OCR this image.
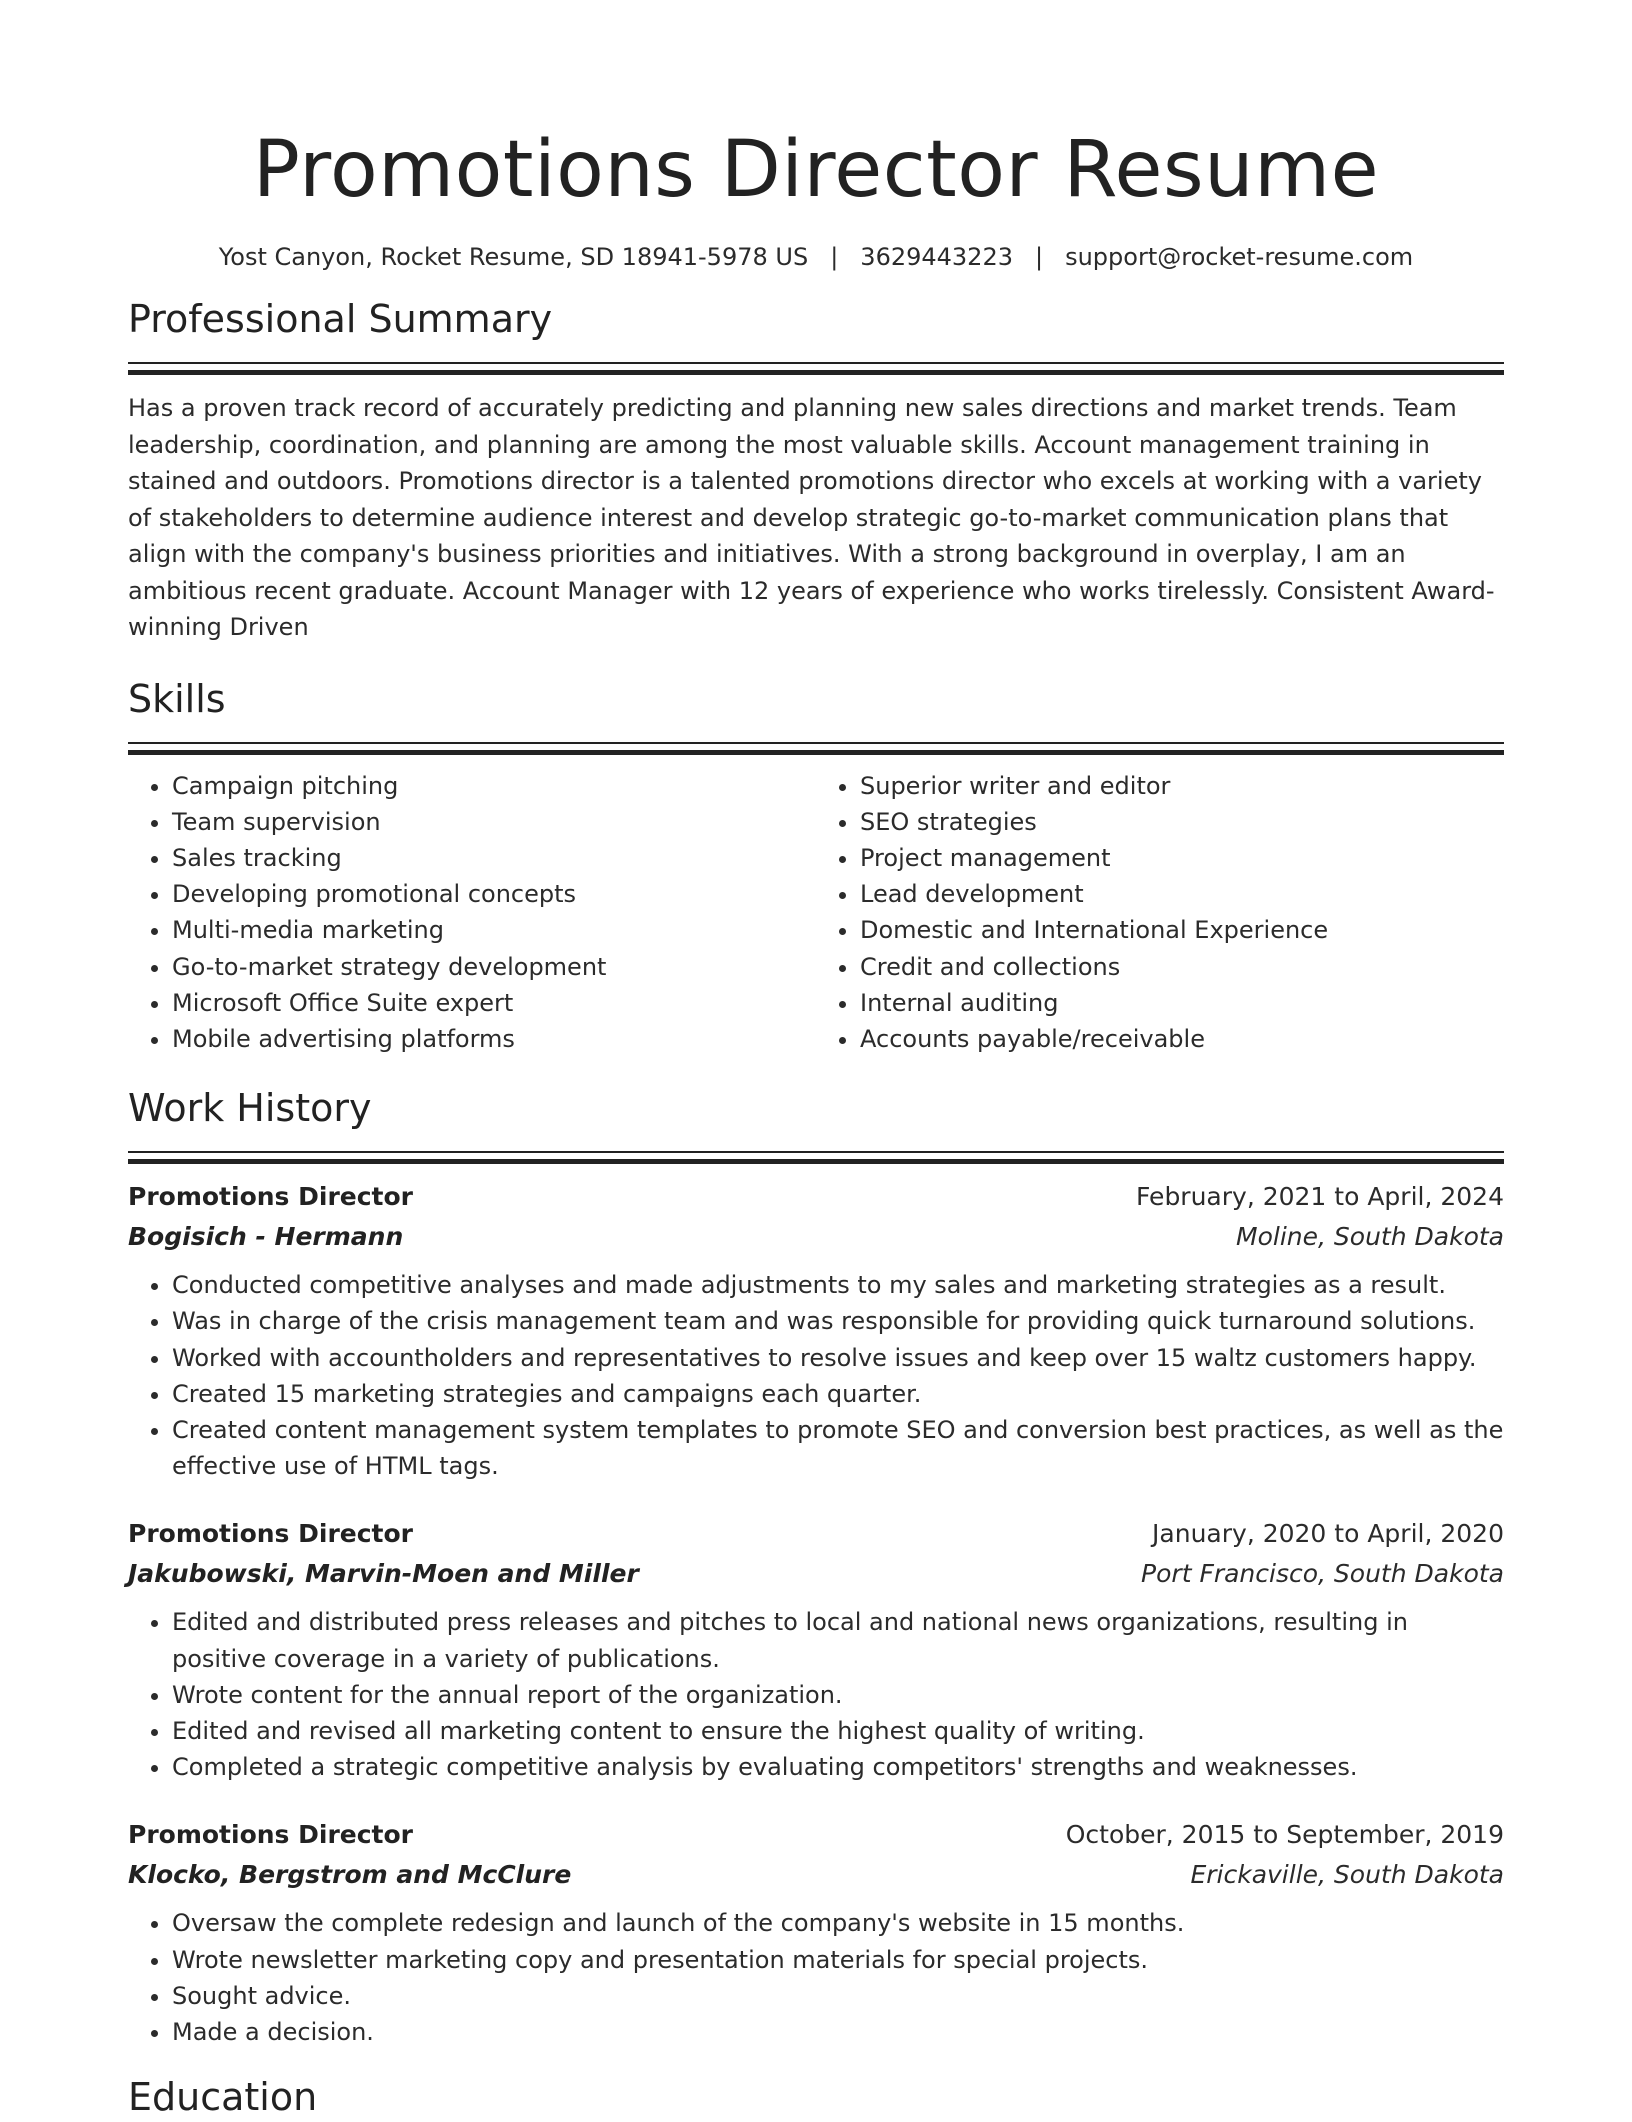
Promotions Director Resume
Yost Canyon, Rocket Resume, SD 18941-5978 US | 3629443223 | support@rocket-resume.com
Professional Summary

Has a proven track record of accurately predicting and planning new sales directions and market trends. Team leadership, coordination, and planning are among the most valuable skills. Account management training in stained and outdoors. Promotions director is a talented promotions director who excels at working with a variety of stakeholders to determine audience interest and develop strategic go-to-market communication plans that align with the company's business priorities and initiatives. With a strong background in overplay, I am an ambitious recent graduate. Account Manager with 12 years of experience who works tirelessly. Consistent Award-winning Driven

Skills
• Campaign pitching
• Team supervision
• Sales tracking
• Developing promotional concepts
• Multi-media marketing
• Go-to-market strategy development
• Microsoft Office Suite expert
• Mobile advertising platforms
• Superior writer and editor
• SEO strategies
• Project management
• Lead development
• Domestic and International Experience
• Credit and collections
• Internal auditing
• Accounts payable/receivable
Work History
Promotions Director	February, 2021 to April, 2024
Bogisich - Hermann	Moline, South Dakota
• Conducted competitive analyses and made adjustments to my sales and marketing strategies as a result.
• Was in charge of the crisis management team and was responsible for providing quick turnaround solutions.
• Worked with accountholders and representatives to resolve issues and keep over 15 waltz customers happy.
• Created 15 marketing strategies and campaigns each quarter.
• Created content management system templates to promote SEO and conversion best practices, as well as the effective use of HTML tags.
Promotions Director	January, 2020 to April, 2020
Jakubowski, Marvin-Moen and Miller	Port Francisco, South Dakota
• Edited and distributed press releases and pitches to local and national news organizations, resulting in positive coverage in a variety of publications.
• Wrote content for the annual report of the organization.
• Edited and revised all marketing content to ensure the highest quality of writing.
• Completed a strategic competitive analysis by evaluating competitors' strengths and weaknesses.
Promotions Director	October, 2015 to September, 2019
Klocko, Bergstrom and McClure	Erickaville, South Dakota
• Oversaw the complete redesign and launch of the company's website in 15 months.
• Wrote newsletter marketing copy and presentation materials for special projects.
• Sought advice.
• Made a decision.
Education
